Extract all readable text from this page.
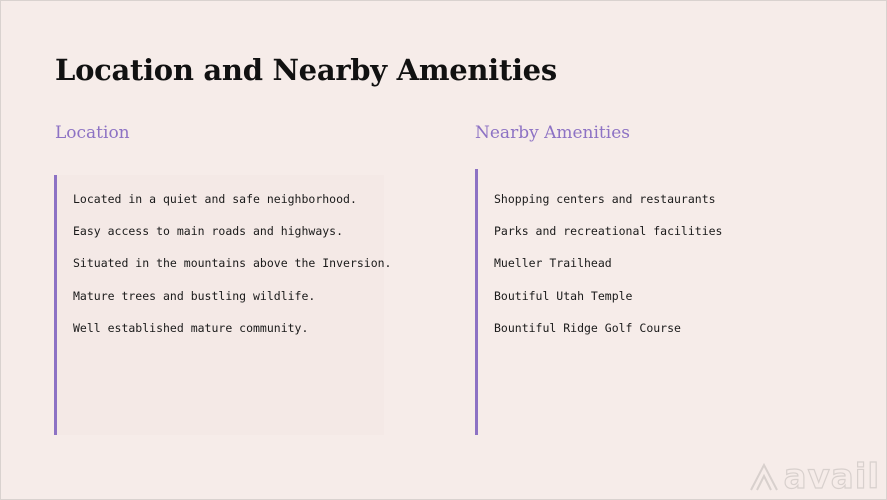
Location and Nearby Amenities
Location	Nearby Amenities
Located in a quiet and safe neighborhood.
Easy access to main roads and highways.
Situated in the mountains above the Inversion.
Mature trees and bustling wildlife.
Well established mature community.
Shopping centers and restaurants
Parks and recreational facilities
Mueller Trailhead
Boutiful Utah Temple
Bountiful Ridge Golf Course
avail
